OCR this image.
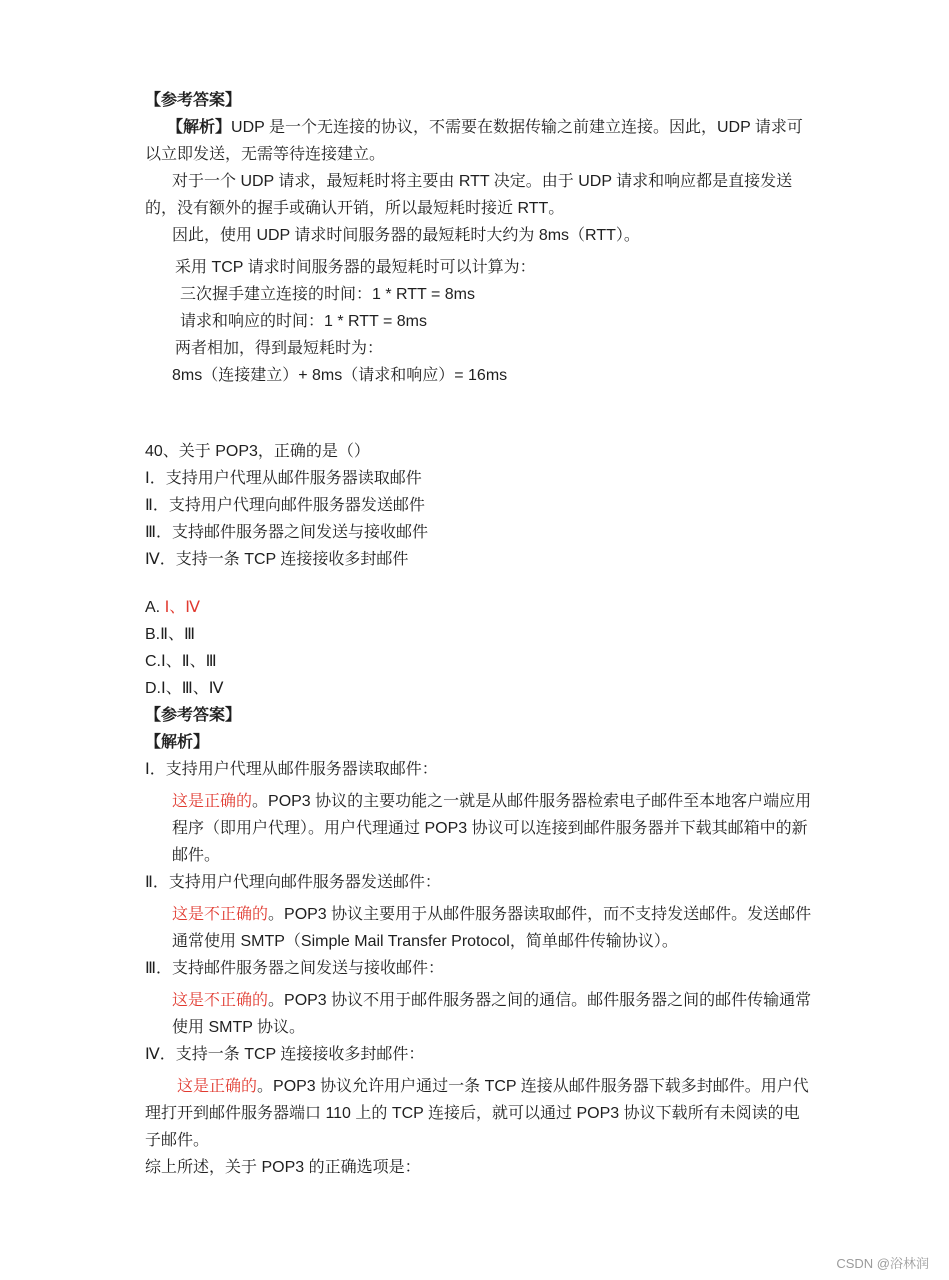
【参考答案】

【解析】UDP 是一个无连接的协议，不需要在数据传输之前建立连接。因此，UDP 请求可以立即发送，无需等待连接建立。

对于一个 UDP 请求，最短耗时将主要由 RTT 决定。由于 UDP 请求和响应都是直接发送的，没有额外的握手或确认开销，所以最短耗时接近 RTT。

因此，使用 UDP 请求时间服务器的最短耗时大约为 8ms（RTT）。

采用 TCP 请求时间服务器的最短耗时可以计算为：

三次握手建立连接的时间：1 * RTT = 8ms

请求和响应的时间：1 * RTT = 8ms

两者相加，得到最短耗时为：

8ms（连接建立）+ 8ms（请求和响应）= 16ms

40、关于 POP3，正确的是（）

Ⅰ．支持用户代理从邮件服务器读取邮件

Ⅱ．支持用户代理向邮件服务器发送邮件

Ⅲ．支持邮件服务器之间发送与接收邮件

Ⅳ．支持一条 TCP 连接接收多封邮件

A. Ⅰ、Ⅳ

B.Ⅱ、Ⅲ

C.Ⅰ、Ⅱ、Ⅲ

D.Ⅰ、Ⅲ、Ⅳ

【参考答案】

【解析】

Ⅰ．支持用户代理从邮件服务器读取邮件：

这是正确的。POP3 协议的主要功能之一就是从邮件服务器检索电子邮件至本地客户端应用程序（即用户代理）。用户代理通过 POP3 协议可以连接到邮件服务器并下载其邮箱中的新邮件。

Ⅱ．支持用户代理向邮件服务器发送邮件：

这是不正确的。POP3 协议主要用于从邮件服务器读取邮件，而不支持发送邮件。发送邮件通常使用 SMTP（Simple Mail Transfer Protocol，简单邮件传输协议）。

Ⅲ．支持邮件服务器之间发送与接收邮件：

这是不正确的。POP3 协议不用于邮件服务器之间的通信。邮件服务器之间的邮件传输通常使用 SMTP 协议。

Ⅳ．支持一条 TCP 连接接收多封邮件：

这是正确的。POP3 协议允许用户通过一条 TCP 连接从邮件服务器下载多封邮件。用户代理打开到邮件服务器端口 110 上的 TCP 连接后，就可以通过 POP3 协议下载所有未阅读的电子邮件。

综上所述，关于 POP3 的正确选项是：

CSDN @浴林润
